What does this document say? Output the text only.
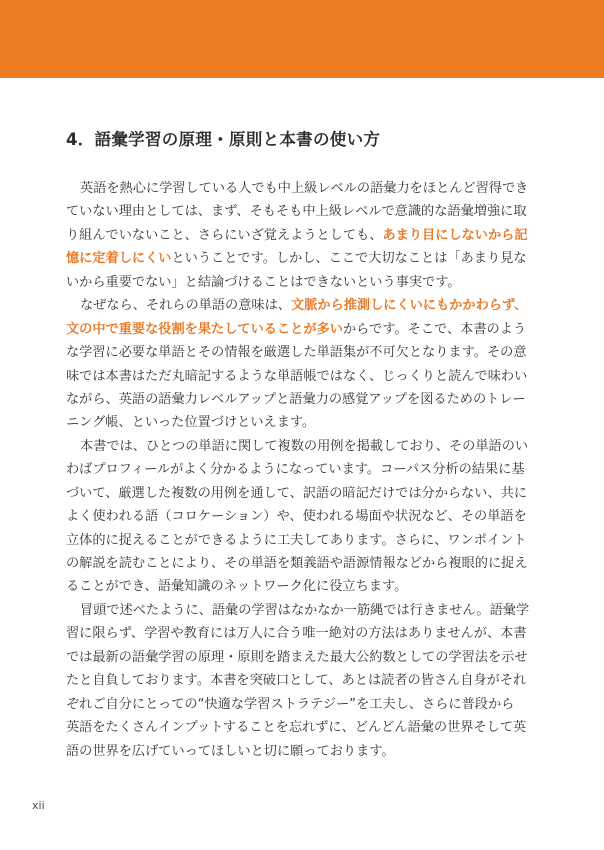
4．語彙学習の原理・原則と本書の使い方
英語を熱心に学習している人でも中上級レベルの語彙力をほとんど習得でき
ていない理由としては、まず、そもそも中上級レベルで意識的な語彙増強に取
り組んでいないこと、さらにいざ覚えようとしても、あまり目にしないから記
憶に定着しにくいということです。しかし、ここで大切なことは「あまり見な
いから重要でない」と結論づけることはできないという事実です。
なぜなら、それらの単語の意味は、文脈から推測しにくいにもかかわらず、
文の中で重要な役割を果たしていることが多いからです。そこで、本書のよう
な学習に必要な単語とその情報を厳選した単語集が不可欠となります。その意
味では本書はただ丸暗記するような単語帳ではなく、じっくりと読んで味わい
ながら、英語の語彙力レベルアップと語彙力の感覚アップを図るためのトレー
ニング帳、といった位置づけといえます。
本書では、ひとつの単語に関して複数の用例を掲載しており、その単語のい
わばプロフィールがよく分かるようになっています。コーパス分析の結果に基
づいて、厳選した複数の用例を通して、訳語の暗記だけでは分からない、共に
よく使われる語（コロケーション）や、使われる場面や状況など、その単語を
立体的に捉えることができるように工夫してあります。さらに、ワンポイント
の解説を読むことにより、その単語を類義語や語源情報などから複眼的に捉え
ることができ、語彙知識のネットワーク化に役立ちます。
冒頭で述べたように、語彙の学習はなかなか一筋縄では行きません。語彙学
習に限らず、学習や教育には万人に合う唯一絶対の方法はありませんが、本書
では最新の語彙学習の原理・原則を踏まえた最大公約数としての学習法を示せ
たと自負しております。本書を突破口として、あとは読者の皆さん自身がそれ
ぞれご自分にとっての“快適な学習ストラテジー”を工夫し、さらに普段から
英語をたくさんインプットすることを忘れずに、どんどん語彙の世界そして英
語の世界を広げていってほしいと切に願っております。
xii
